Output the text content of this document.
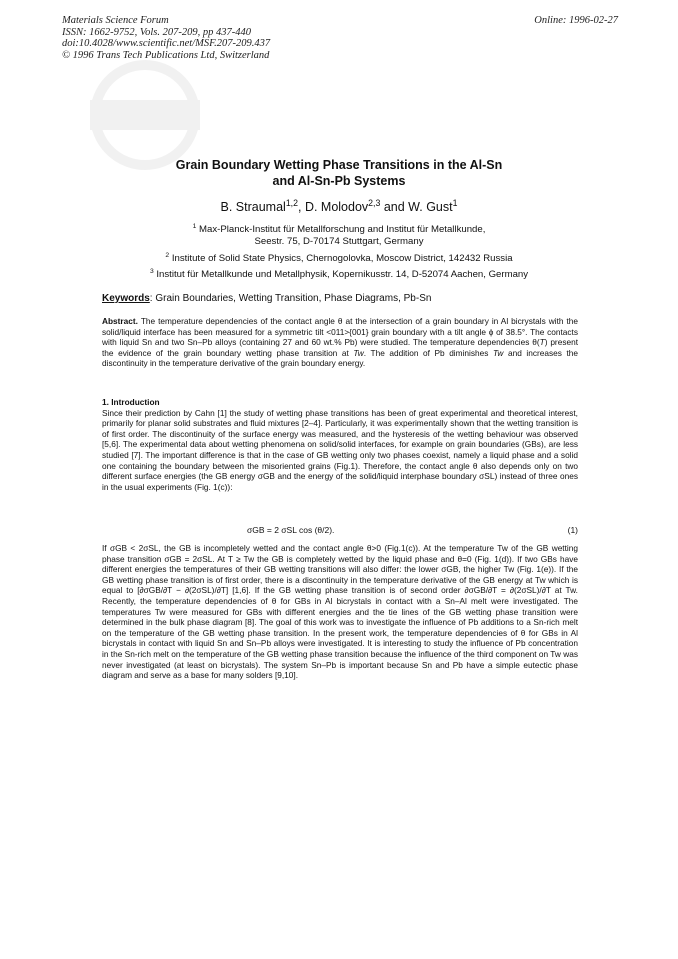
Materials Science Forum
ISSN: 1662-9752, Vols. 207-209, pp 437-440
doi:10.4028/www.scientific.net/MSF.207-209.437
© 1996 Trans Tech Publications Ltd, Switzerland
Online: 1996-02-27
Grain Boundary Wetting Phase Transitions in the Al-Sn
and Al-Sn-Pb Systems
B. Straumal$^{1,2}$, D. Molodov$^{2,3}$ and W. Gust$^1$
$^1$ Max-Planck-Institut für Metallforschung and Institut für Metallkunde,
Seestr. 75, D-70174 Stuttgart, Germany
$^2$ Institute of Solid State Physics, Chernogolovka, Moscow District, 142432 Russia
$^3$ Institut für Metallkunde und Metallphysik, Kopernikusstr. 14, D-52074 Aachen, Germany
Keywords: Grain Boundaries, Wetting Transition, Phase Diagrams, Pb-Sn

Abstract. The temperature dependencies of the contact angle θ at the intersection of a grain boundary in Al bicrystals with the solid/liquid interface has been measured for a symmetric tilt <011>{001} grain boundary with a tilt angle ϕ of 38.5°. The contacts with liquid Sn and two Sn–Pb alloys (containing 27 and 60 wt.% Pb) were studied. The temperature dependencies θ(T) present the evidence of the grain boundary wetting phase transition at Tw. The addition of Pb diminishes Tw and increases the discontinuity in the temperature derivative of the grain boundary energy.

1. Introduction

Since their prediction by Cahn [1] the study of wetting phase transitions has been of great experimental and theoretical interest, primarily for planar solid substrates and fluid mixtures [2–4]. Particularly, it was experimentally shown that the wetting transition is of first order. The discontinuity of the surface energy was measured, and the hysteresis of the wetting behaviour was observed [5,6]. The experimental data about wetting phenomena on solid/solid interfaces, for example on grain boundaries (GBs), are less studied [7]. The important difference is that in the case of GB wetting only two phases coexist, namely a liquid phase and a solid one containing the boundary between the misoriented grains (Fig.1). Therefore, the contact angle θ also depends only on two different surface energies (the GB energy σGB and the energy of the solid/liquid interphase boundary σSL) instead of three ones in the usual experiments (Fig. 1(c)):

σGB = 2 σSL cos (θ/2).	(1)

If σGB < 2σSL, the GB is incompletely wetted and the contact angle θ>0 (Fig.1(c)). At the temperature Tw of the GB wetting phase transition σGB = 2σSL. At T ≥ Tw the GB is completely wetted by the liquid phase and θ=0 (Fig. 1(d)). If two GBs have different energies the temperatures of their GB wetting transitions will also differ: the lower σGB, the higher Tw (Fig. 1(e)). If the GB wetting phase transition is of first order, there is a discontinuity in the temperature derivative of the GB energy at Tw which is equal to [∂σGB/∂T − ∂(2σSL)/∂T] [1,6]. If the GB wetting phase transition is of second order ∂σGB/∂T = ∂(2σSL)/∂T at Tw. Recently, the temperature dependencies of θ for GBs in Al bicrystals in contact with a Sn–Al melt were investigated. The temperatures Tw were measured for GBs with different energies and the tie lines of the GB wetting phase transition were determined in the bulk phase diagram [8]. The goal of this work was to investigate the influence of Pb additions to a Sn-rich melt on the temperature of the GB wetting phase transition. In the present work, the temperature dependencies of θ for GBs in Al bicrystals in contact with liquid Sn and Sn–Pb alloys were investigated. It is interesting to study the influence of Pb concentration in the Sn-rich melt on the temperature of the GB wetting phase transition because the influence of the third component on Tw was never investigated (at least on bicrystals). The system Sn–Pb is important because Sn and Pb have a simple eutectic phase diagram and serve as a base for many solders [9,10].
